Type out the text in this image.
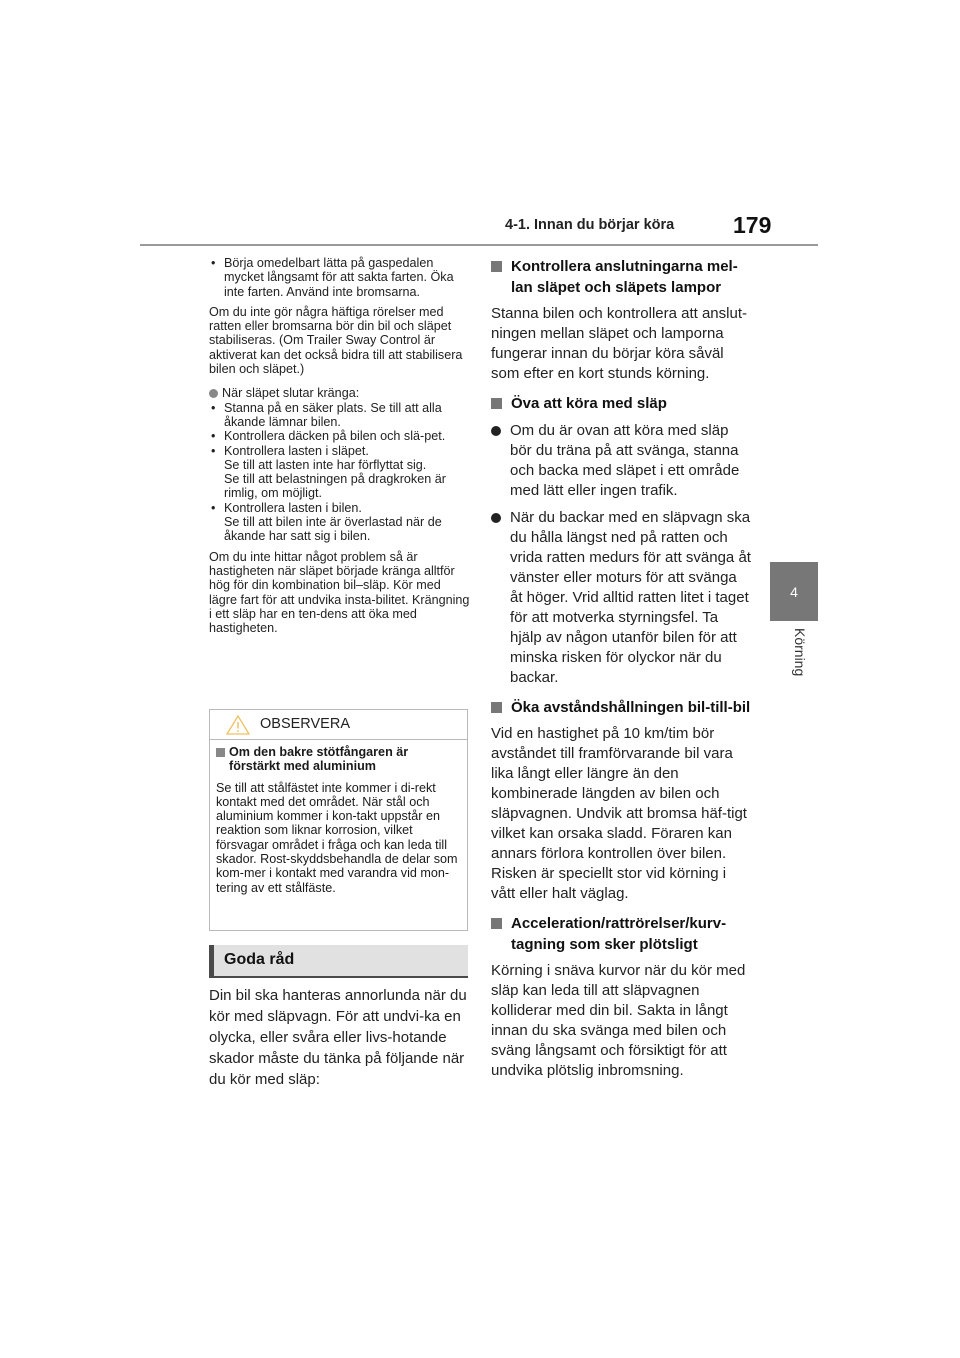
4-1. Innan du börjar köra	179
4
Körning
• Börja omedelbart lätta på gaspedalen mycket långsamt för att sakta farten. Öka inte farten. Använd inte bromsarna.

Om du inte gör några häftiga rörelser med ratten eller bromsarna bör din bil och släpet stabiliseras. (Om Trailer Sway Control är aktiverat kan det också bidra till att stabilisera bilen och släpet.)

När släpet slutar kränga:
• Stanna på en säker plats. Se till att alla åkande lämnar bilen.
• Kontrollera däcken på bilen och slä-pet.
• Kontrollera lasten i släpet.
Se till att lasten inte har förflyttat sig.
Se till att belastningen på dragkroken är rimlig, om möjligt.
• Kontrollera lasten i bilen.
Se till att bilen inte är överlastad när de åkande har satt sig i bilen.

Om du inte hittar något problem så är hastigheten när släpet började kränga alltför hög för din kombination bil–släp. Kör med lägre fart för att undvika insta-bilitet. Krängning i ett släp har en ten-dens att öka med hastigheten.

OBSERVERA
Om den bakre stötfångaren är förstärkt med aluminium
Se till att stålfästet inte kommer i di-rekt kontakt med det området. När stål och aluminium kommer i kon-takt uppstår en reaktion som liknar korrosion, vilket försvagar området i fråga och kan leda till skador. Rost-skyddsbehandla de delar som kom-mer i kontakt med varandra vid mon-tering av ett stålfäste.
Goda råd
Din bil ska hanteras annorlunda när du kör med släpvagn. För att undvi-ka en olycka, eller svåra eller livs-hotande skador måste du tänka på följande när du kör med släp:
Kontrollera anslutningarna mel-lan släpet och släpets lampor
Stanna bilen och kontrollera att anslut-ningen mellan släpet och lamporna fungerar innan du börjar köra såväl som efter en kort stunds körning.
Öva att köra med släp
Om du är ovan att köra med släp bör du träna på att svänga, stanna och backa med släpet i ett område med lätt eller ingen trafik.
När du backar med en släpvagn ska du hålla längst ned på ratten och vrida ratten medurs för att svänga åt vänster eller moturs för att svänga åt höger. Vrid alltid ratten litet i taget för att motverka styrningsfel. Ta hjälp av någon utanför bilen för att minska risken för olyckor när du backar.
Öka avståndshållningen bil-till-bil
Vid en hastighet på 10 km/tim bör avståndet till framförvarande bil vara lika långt eller längre än den kombinerade längden av bilen och släpvagnen. Undvik att bromsa häf-tigt vilket kan orsaka sladd. Föraren kan annars förlora kontrollen över bilen. Risken är speciellt stor vid körning i vått eller halt väglag.
Acceleration/rattrörelser/kurv-tagning som sker plötsligt
Körning i snäva kurvor när du kör med släp kan leda till att släpvagnen kolliderar med din bil. Sakta in långt innan du ska svänga med bilen och sväng långsamt och försiktigt för att undvika plötslig inbromsning.
